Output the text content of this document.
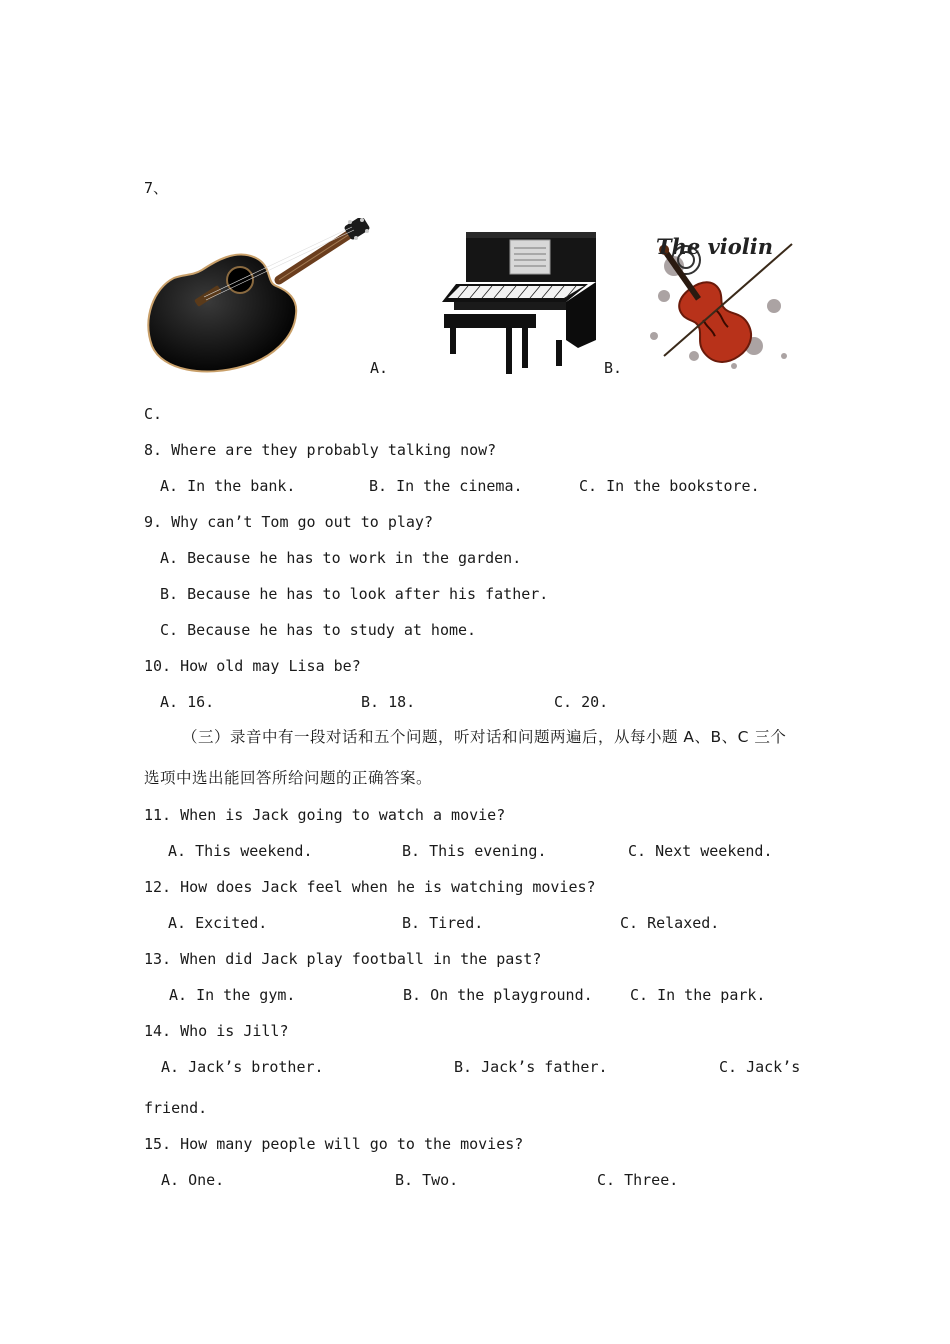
7、
A.	B.
The violin
C.
8. Where are they probably talking now?
A. In the bank.	B. In the cinema.	C. In the bookstore.
9. Why can’t Tom go out to play?
A. Because he has to work in the garden.
B. Because he has to look after his father.
C. Because he has to study at home.
10. How old may Lisa be?
A. 16.	B. 18.	C. 20.
（三）录音中有一段对话和五个问题，听对话和问题两遍后，从每小题 A、B、C 三个
选项中选出能回答所给问题的正确答案。
11. When is Jack going to watch a movie?
A. This weekend.	B. This evening.	C. Next weekend.
12. How does Jack feel when he is watching movies?
A. Excited.	B. Tired.	C. Relaxed.
13. When did Jack play football in the past?
A. In the gym.	B. On the playground. C. In the park.
14. Who is Jill?
A. Jack’s brother.	B. Jack’s father.	C. Jack’s
friend.
15. How many people will go to the movies?
A. One.	B. Two.	C. Three.
